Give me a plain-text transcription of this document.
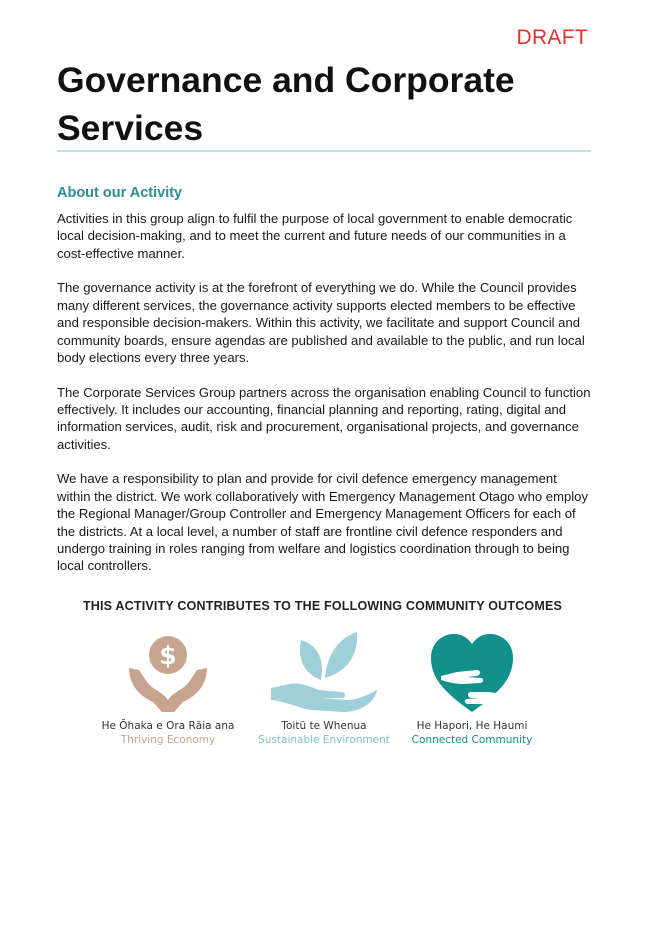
DRAFT
Governance and Corporate Services
About our Activity

Activities in this group align to fulfil the purpose of local government to enable democratic local decision-making, and to meet the current and future needs of our communities in a cost-effective manner.

The governance activity is at the forefront of everything we do. While the Council provides many different services, the governance activity supports elected members to be effective and responsible decision-makers. Within this activity, we facilitate and support Council and community boards, ensure agendas are published and available to the public, and run local body elections every three years.

The Corporate Services Group partners across the organisation enabling Council to function effectively. It includes our accounting, financial planning and reporting, rating, digital and information services, audit, risk and procurement, organisational projects, and governance activities.

We have a responsibility to plan and provide for civil defence emergency management within the district. We work collaboratively with Emergency Management Otago who employ the Regional Manager/Group Controller and Emergency Management Officers for each of the districts. At a local level, a number of staff are frontline civil defence responders and undergo training in roles ranging from welfare and logistics coordination through to being local controllers.

THIS ACTIVITY CONTRIBUTES TO THE FOLLOWING COMMUNITY OUTCOMES
$
He Ōhaka e Ora Rāia ana
Thriving Economy
Toitū te Whenua
Sustainable Environment
He Hapori, He Haumi
Connected Community
